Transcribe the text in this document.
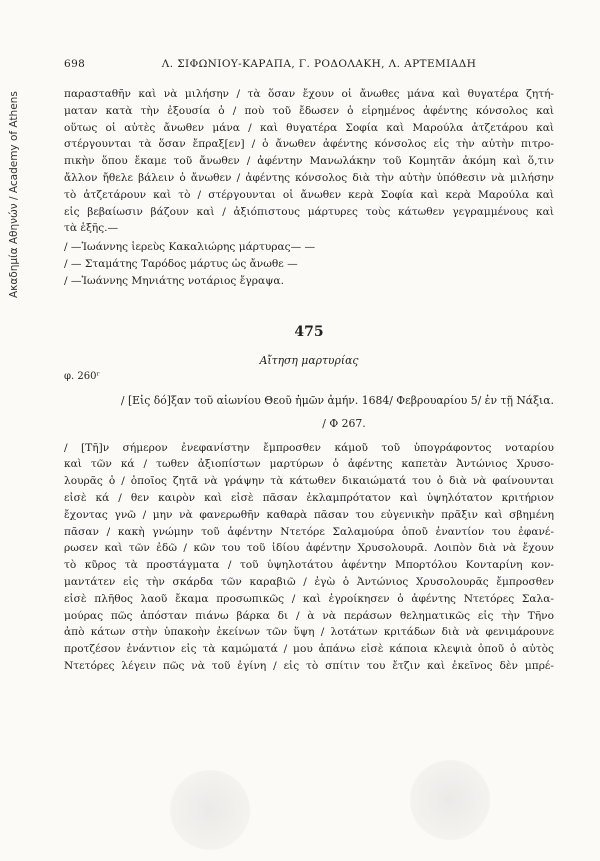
Ακαδημία Αθηνών / Academy of Athens
698	Λ. ΣΙΦΩΝΙΟΥ-ΚΑΡΑΠΑ, Γ. ΡΟΔΟΛΑΚΗ, Λ. ΑΡΤΕΜΙΑΔΗ
παρασταθῆν καὶ νὰ μιλήσην / τὰ ὅσαν ἔχουν οἱ ἄνωθες μάνα καὶ θυγατέρα ζητή-
ματαν κατὰ τὴν ἐξουσία ὁ / ποὺ τοῦ ἔδωσεν ὁ εἰρημένος ἀφέντης κόνσολος καὶ
οὕτως οἱ αὐτὲς ἄνωθεν μάνα / καὶ θυγατέρα Σοφία καὶ Μαρούλα ἀτζετάρου καὶ
στέργουνται τὰ ὅσαν ἔπραξ[εν] / ὁ ἄνωθεν ἀφέντης κόνσολος εἰς τὴν αὐτὴν πιτρο-
πικὴν ὅπου ἔκαμε τοῦ ἄνωθεν / ἀφέντην Μανωλάκην τοῦ Κομητᾶν ἀκόμη καὶ ὅ,τιν
ἄλλον ἤθελε βάλειν ὁ ἄνωθεν / ἀφέντης κόνσολος διὰ τὴν αὐτὴν ὑπόθεσιν νὰ μιλήσην
τὸ ἀτζετάρουν καὶ τὸ / στέργουνται οἱ ἄνωθεν κερὰ Σοφία καὶ κερὰ Μαρούλα καὶ
εἰς βεβαίωσιν βάζουν καὶ / ἀξιόπιστους μάρτυρες τοὺς κάτωθεν γεγραμμένους καὶ
τὰ ἑξῆς.—

/ —Ἰωάννης ἱερεὺς Κακαλιώρης μάρτυρας— —

/ — Σταμάτης Ταρόδος μάρτυς ὡς ἄνωθε —

/ —Ἰωάννης Μηνιάτης νοτάριος ἔγραψα.

475
Αἴτηση μαρτυρίας
φ. 260ʳ
/ [Εἰς δό]ξαν τοῦ αἰωνίου Θεοῦ ἡμῶν ἀμήν. 1684/ Φεβρουαρίου 5/ ἐν τῇ Νάξια.
/ Φ 267.
/ [Τῆ]ν σήμερον ἐνεφανίστην ἔμπροσθεν κάμοῦ τοῦ ὑπογράφοντος νοταρίου
καὶ τῶν κά / τωθεν ἀξιοπίστων μαρτύρων ὁ ἀφέντης καπετὰν Ἀντώνιος Χρυσο-
λουρᾶς ὁ / ὁποῖος ζητᾶ νὰ γράψην τὰ κάτωθεν δικαιώματά του ὁ διὰ νὰ φαίνουνται
εἰσὲ κά / θεν καιρὸν καὶ εἰσὲ πᾶσαν ἐκλαμπρότατον καὶ ὑψηλότατον κριτήριον
ἔχοντας γνῶ / μην νὰ φανερωθῆν καθαρὰ πᾶσαν του εὐγενικὴν πρᾶξιν καὶ σβημένη
πᾶσαν / κακὴ γνώμην τοῦ ἀφέντην Ντετόρε Σαλαμούρα ὁποῦ ἐναντίον του ἐφανέ-
ρωσεν καὶ τῶν ἐδῶ / κῶν του τοῦ ἰδίου ἀφέντην Χρυσολουρᾶ. Λοιπὸν διὰ νὰ ἔχουν
τὸ κῦρος τὰ προστάγματα / τοῦ ὑψηλοτάτου ἀφέντην Μπορτόλου Κονταρίνη κον-
μαντάτεν εἰς τὴν σκάρδα τῶν καραβιῶ / ἐγὼ ὁ Ἀντώνιος Χρυσολουρᾶς ἔμπροσθεν
εἰσὲ πλῆθος λαοῦ ἔκαμα προσωπικῶς / καὶ ἐγροίκησεν ὁ ἀφέντης Ντετόρες Σαλα-
μούρας πῶς ἀπόσταν πιάνω βάρκα δι / ὰ νὰ περάσων θεληματικῶς εἰς τὴν Τῆνο
ἀπὸ κάτων στὴν ὑπακοὴν ἐκείνων τῶν ὕψη / λοτάτων κριτάδων διὰ νὰ φενιμάρουνε
προτζέσον ἐνάντιον εἰς τὰ καμώματά / μου ἀπάνω εἰσὲ κάποια κλεψιὰ ὁποῦ ὁ αὐτὸς
Ντετόρες λέγειν πῶς νὰ τοῦ ἐγίνη / εἰς τὸ σπίτιν του ἔτζιν καὶ ἐκεῖνος δὲν μπρέ-
